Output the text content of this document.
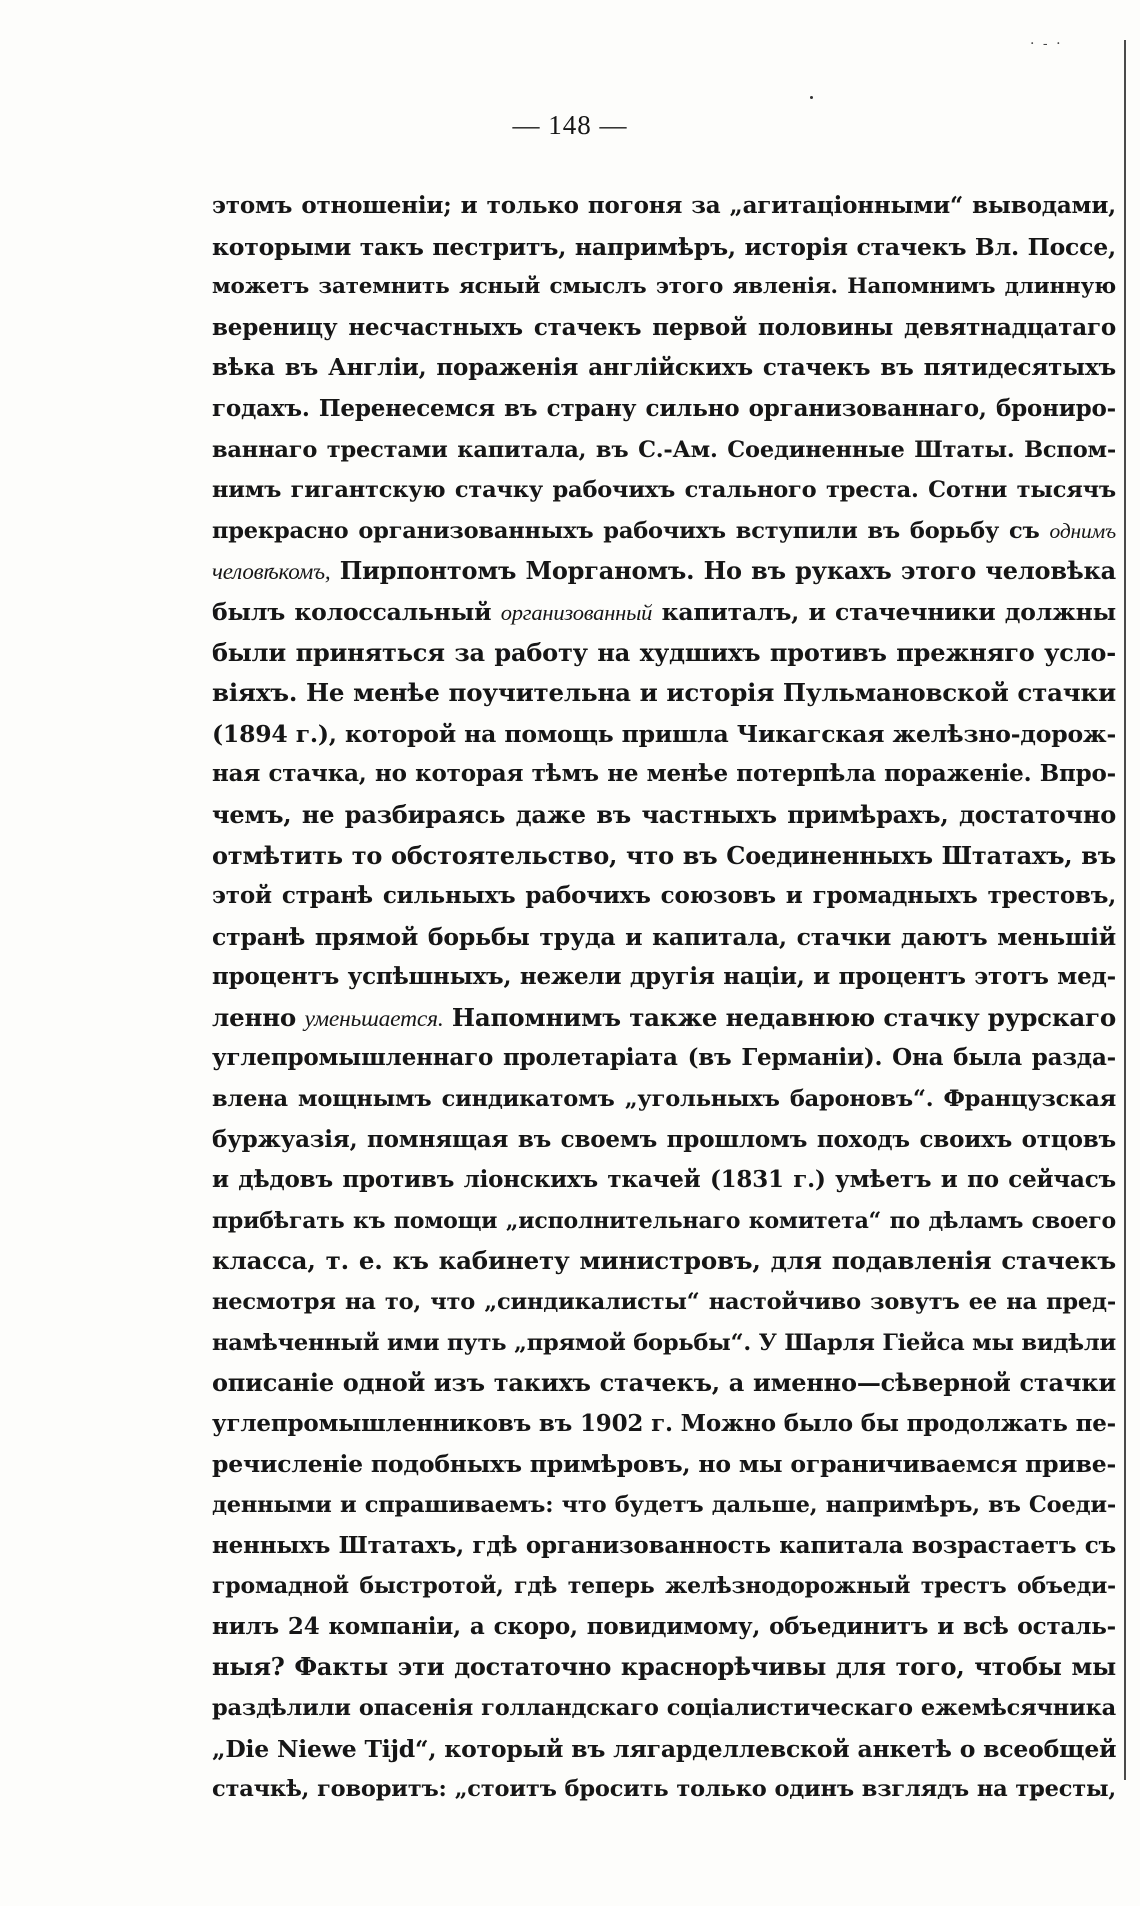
· ‑ ·
— 148 —
этомъ отношеніи; и только погоня за „агитаціонными“ выводами,
которыми такъ пестритъ, напримѣръ, исторія стачекъ Вл. Поссе,
можетъ затемнить ясный смыслъ этого явленія. Напомнимъ длинную
вереницу несчастныхъ стачекъ первой половины девятнадцатаго
вѣка въ Англіи, пораженія англійскихъ стачекъ въ пятидесятыхъ
годахъ. Перенесемся въ страну сильно организованнаго, брониро-
ваннаго трестами капитала, въ С.-Ам. Соединенные Штаты. Вспом-
нимъ гигантскую стачку рабочихъ стального треста. Сотни тысячъ
прекрасно организованныхъ рабочихъ вступили въ борьбу съ однимъ
человѣкомъ, Пирпонтомъ Морганомъ. Но въ рукахъ этого человѣка
былъ колоссальный организованный капиталъ, и стачечники должны
были приняться за работу на худшихъ противъ прежняго усло-
віяхъ. Не менѣе поучительна и исторія Пульмановской стачки
(1894 г.), которой на помощь пришла Чикагская желѣзно-дорож-
ная стачка, но которая тѣмъ не менѣе потерпѣла пораженіе. Впро-
чемъ, не разбираясь даже въ частныхъ примѣрахъ, достаточно
отмѣтить то обстоятельство, что въ Соединенныхъ Штатахъ, въ
этой странѣ сильныхъ рабочихъ союзовъ и громадныхъ трестовъ,
странѣ прямой борьбы труда и капитала, стачки даютъ меньшій
процентъ успѣшныхъ, нежели другія націи, и процентъ этотъ мед-
ленно уменьшается. Напомнимъ также недавнюю стачку рурскаго
углепромышленнаго пролетаріата (въ Германіи). Она была разда-
влена мощнымъ синдикатомъ „угольныхъ бароновъ“. Французская
буржуазія, помнящая въ своемъ прошломъ походъ своихъ отцовъ
и дѣдовъ противъ ліонскихъ ткачей (1831 г.) умѣетъ и по сейчасъ
прибѣгать къ помощи „исполнительнаго комитета“ по дѣламъ своего
класса, т. е. къ кабинету министровъ, для подавленія стачекъ
несмотря на то, что „синдикалисты“ настойчиво зовутъ ее на пред-
намѣченный ими путь „прямой борьбы“. У Шарля Гіейса мы видѣли
описаніе одной изъ такихъ стачекъ, а именно—сѣверной стачки
углепромышленниковъ въ 1902 г. Можно было бы продолжать пе-
речисленіе подобныхъ примѣровъ, но мы ограничиваемся приве-
денными и спрашиваемъ: что будетъ дальше, напримѣръ, въ Соеди-
ненныхъ Штатахъ, гдѣ организованность капитала возрастаетъ съ
громадной быстротой, гдѣ теперь желѣзнодорожный трестъ объеди-
нилъ 24 компаніи, а скоро, повидимому, объединитъ и всѣ осталь-
ныя? Факты эти достаточно краснорѣчивы для того, чтобы мы
раздѣлили опасенія голландскаго соціалистическаго ежемѣсячника
„Die Niewe Tijd“, который въ лягарделлевской анкетѣ о всеобщей
стачкѣ, говоритъ: „стоитъ бросить только одинъ взглядъ на тресты,
